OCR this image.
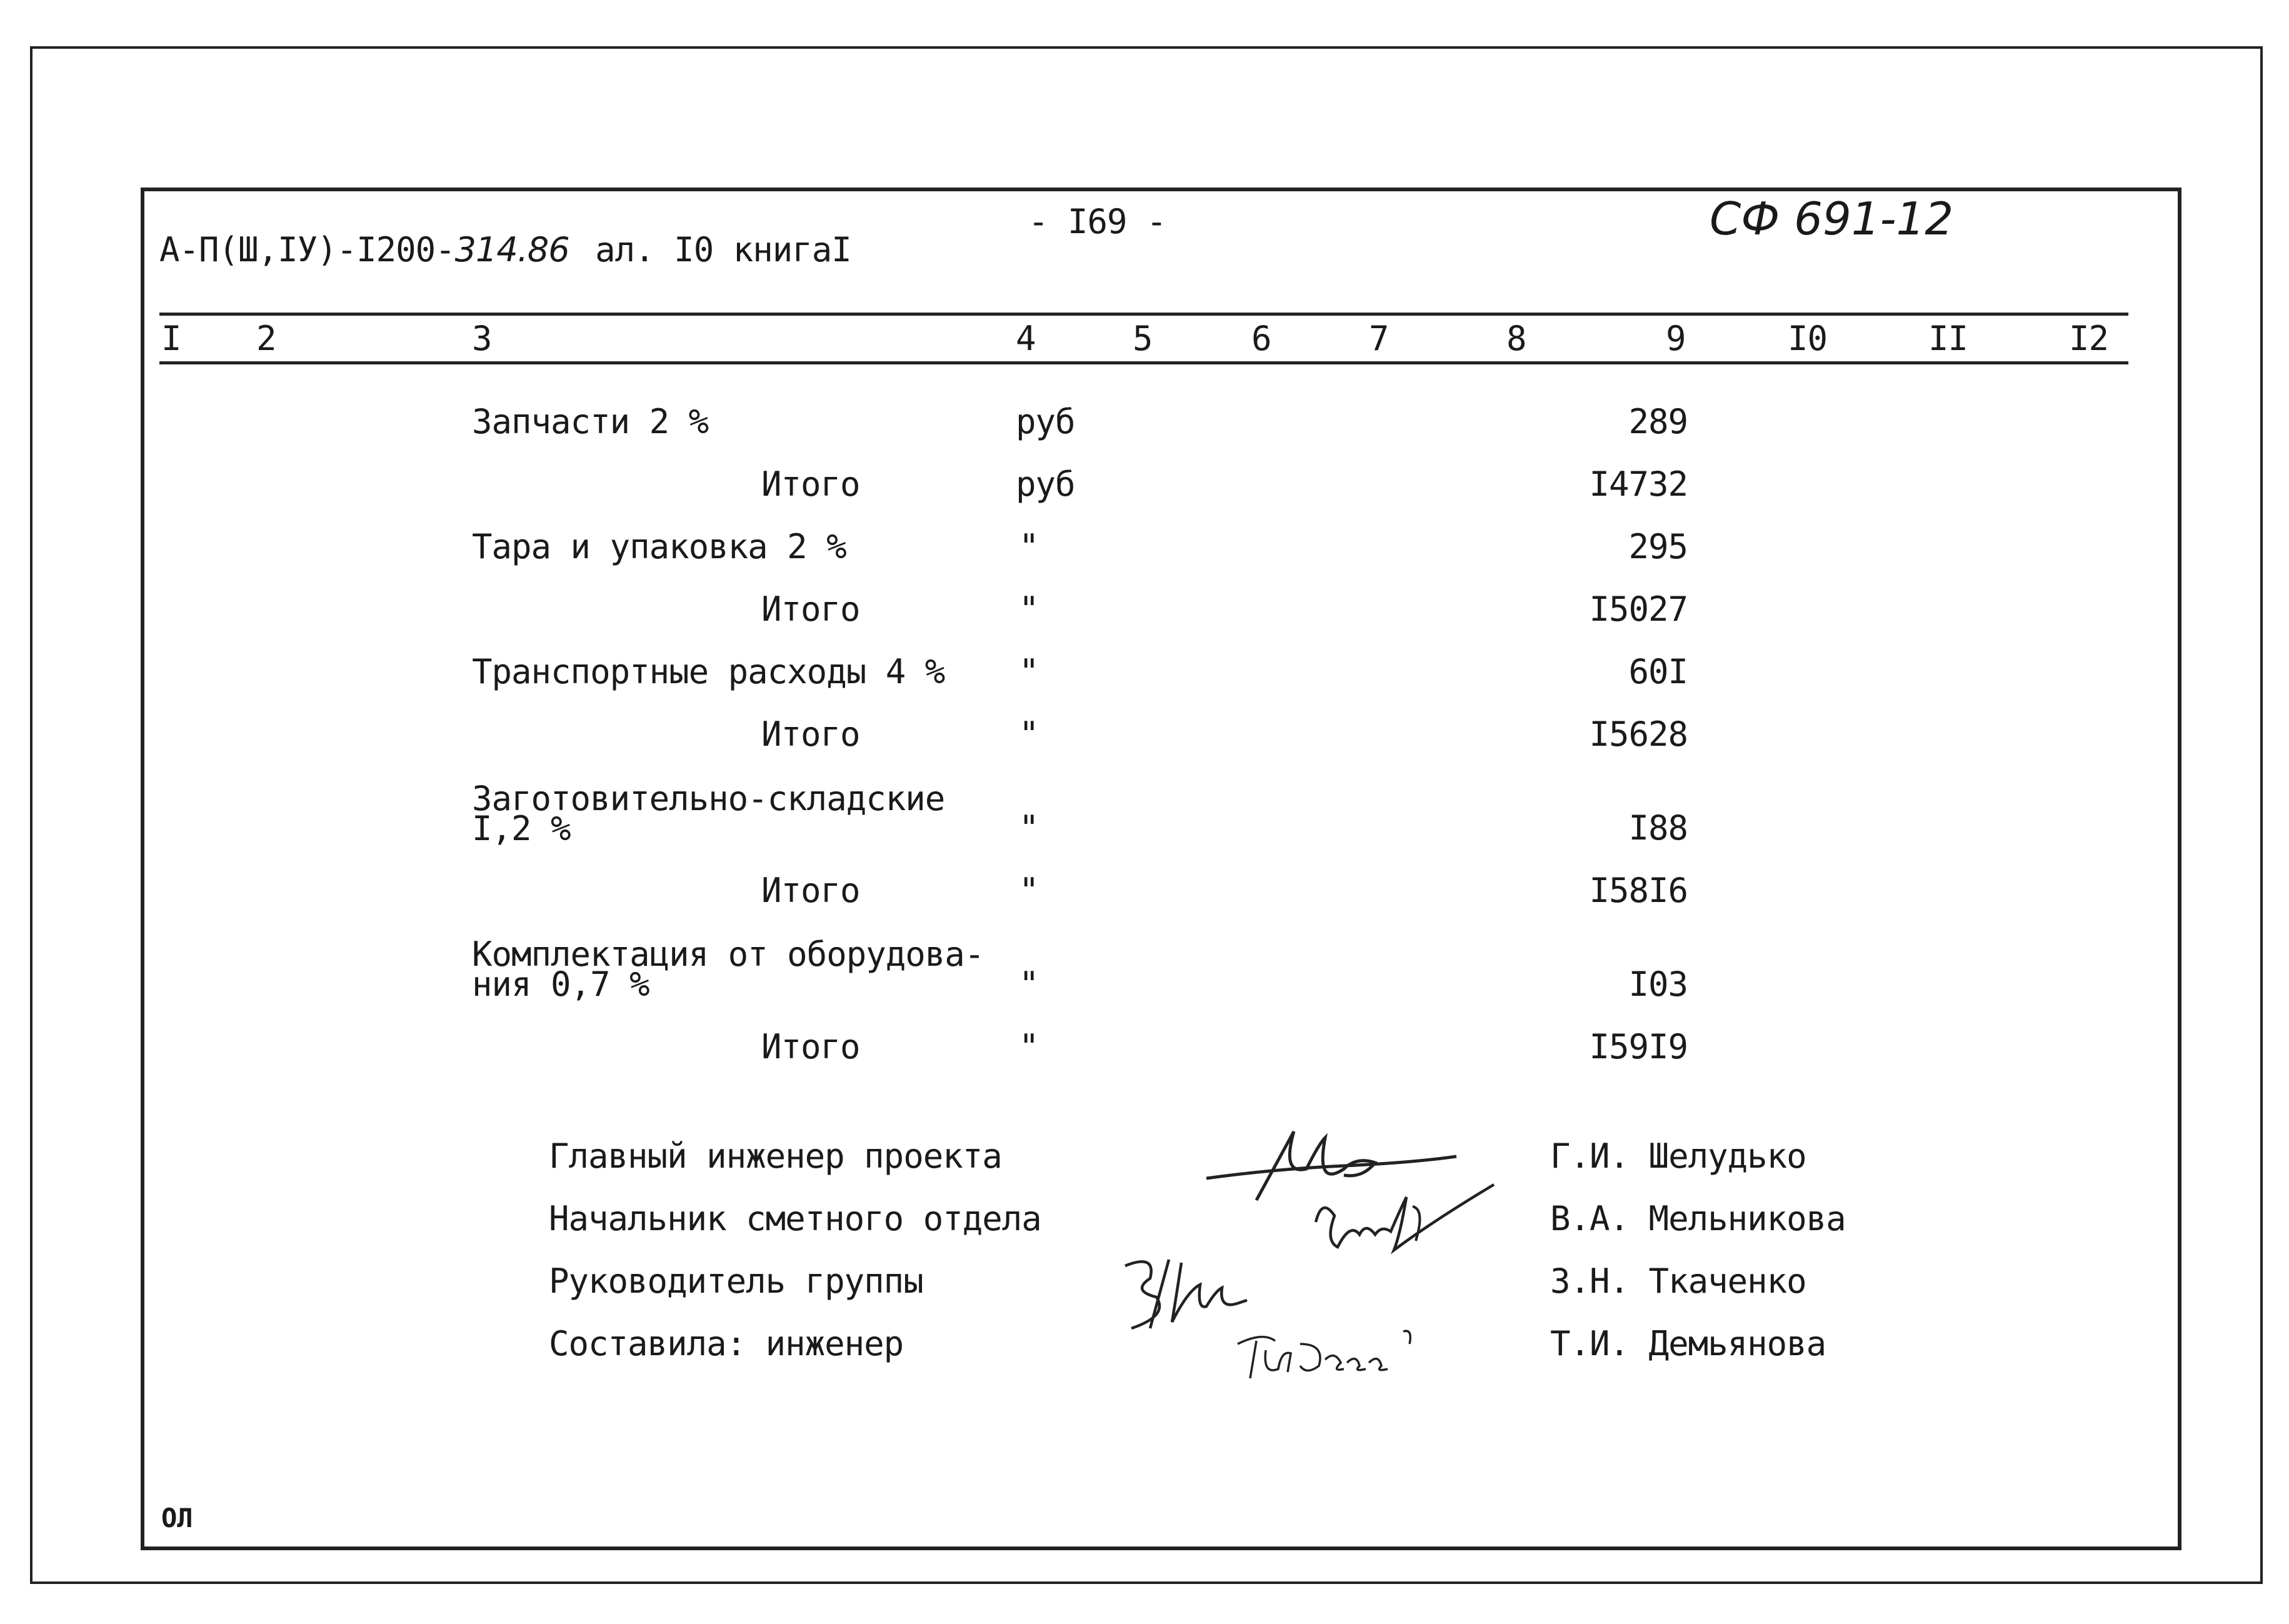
А-П(Ш,IУ)-I200-314.86 ал. I0 книгаI
- I69 -	СФ 691-12
I 2	3	4	5	6	7	8	9	I0	II	I2
Запчасти 2 %	руб	289
Итого	руб	I4732
Тара и упаковка 2 %	"	295
Итого	"	I5027
Транспортные расходы 4 % "	60I
Итого	"	I5628
Заготовительно-складские
I,2 %	"	I88
Итого	"	I58I6
Комплектация от оборудова-
ния 0,7 %	"	I03
Итого	"	I59I9
Главный инженер проекта	Г.И. Шелудько
Начальник сметного отдела	В.А. Мельникова
Руководитель группы	З.Н. Ткаченко
Составила: инженер	Т.И. Демьянова
ОЛ
